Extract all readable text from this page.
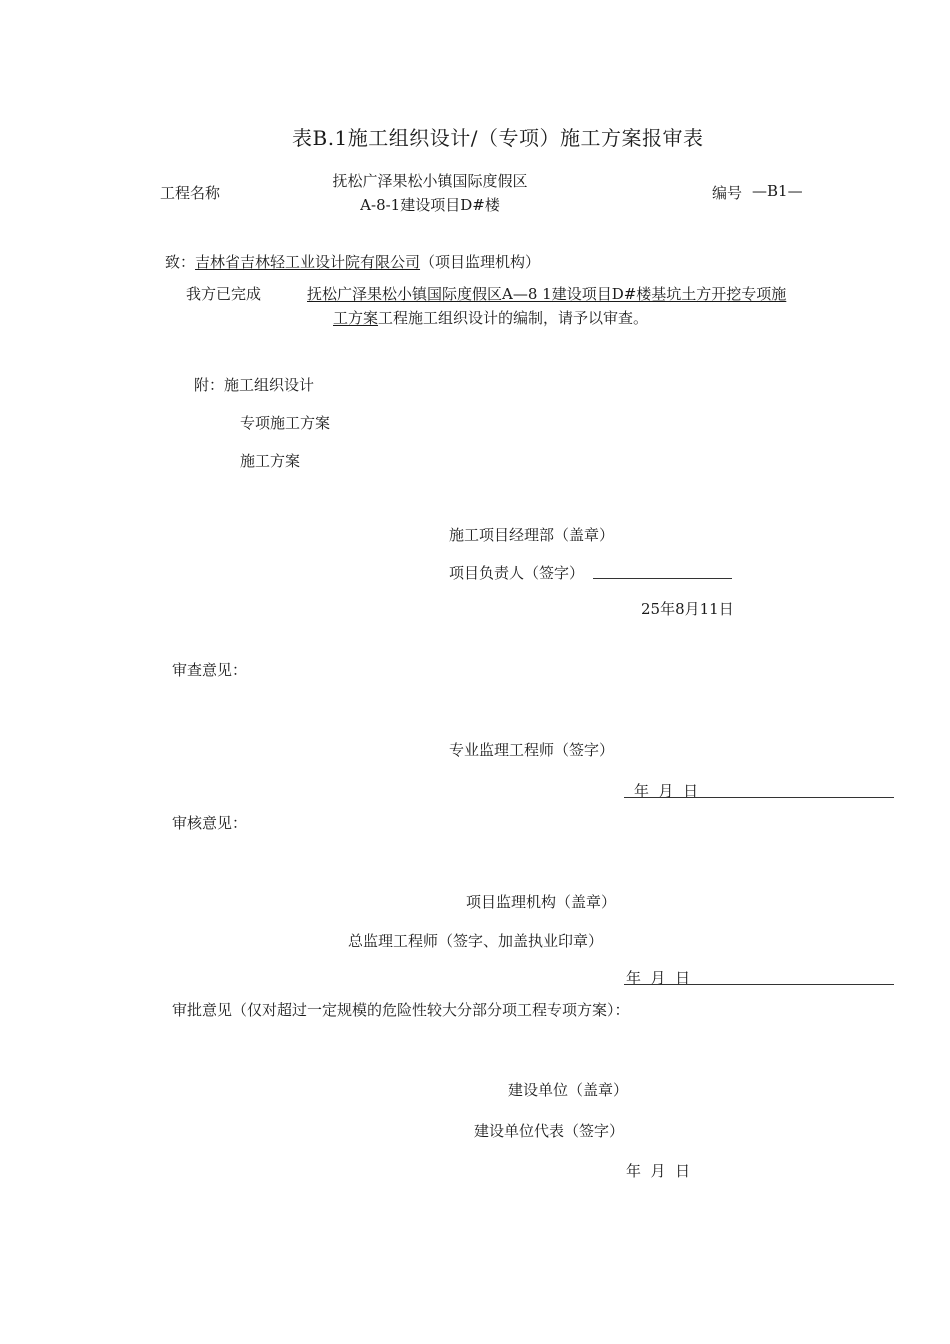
表B.1施工组织设计/（专项）施工方案报审表
工程名称
抚松广泽果松小镇国际度假区
A-8-1建设项目D#楼
编号 —B1—
致：吉林省吉林轻工业设计院有限公司（项目监理机构）
我方已完成	抚松广泽果松小镇国际度假区A—8 1建设项目D#楼基坑土方开挖专项施
工方案工程施工组织设计的编制，请予以审查。
附：施工组织设计
专项施工方案
施工方案
施工项目经理部（盖章）
项目负责人（签字）
25年8月11日
审查意见：
专业监理工程师（签字）
年  月  日
审核意见：
项目监理机构（盖章）
总监理工程师（签字、加盖执业印章）
年  月  日
审批意见（仅对超过一定规模的危险性较大分部分项工程专项方案）：
建设单位（盖章）
建设单位代表（签字）
年  月  日
